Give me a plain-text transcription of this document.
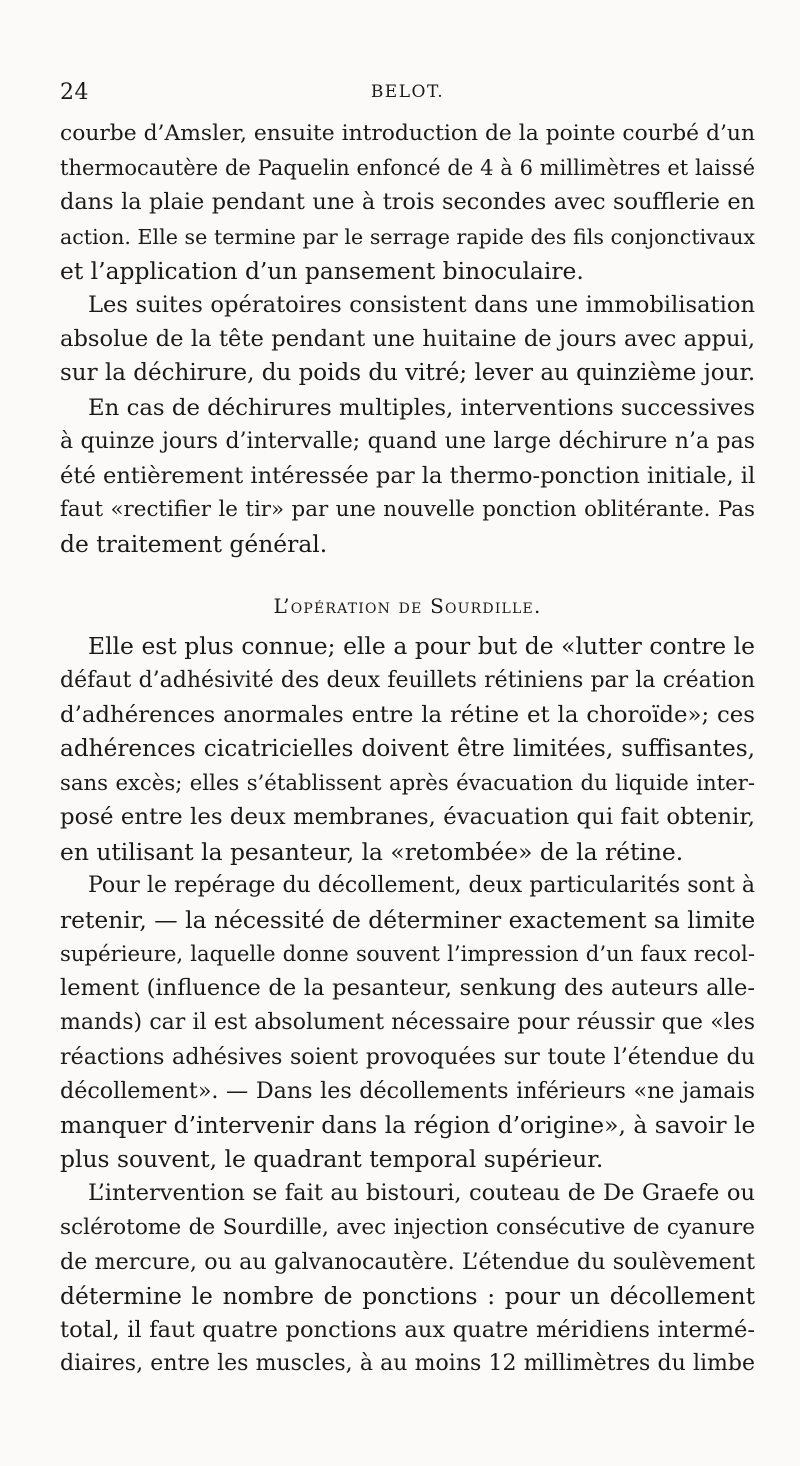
24	BELOT.
courbe d’Amsler, ensuite introduction de la pointe courbé d’un
thermocautère de Paquelin enfoncé de 4 à 6 millimètres et laissé
dans la plaie pendant une à trois secondes avec soufflerie en
action. Elle se termine par le serrage rapide des fils conjonctivaux
et l’application d’un pansement binoculaire.
Les suites opératoires consistent dans une immobilisation
absolue de la tête pendant une huitaine de jours avec appui,
sur la déchirure, du poids du vitré; lever au quinzième jour.
En cas de déchirures multiples, interventions successives
à quinze jours d’intervalle; quand une large déchirure n’a pas
été entièrement intéressée par la thermo-ponction initiale, il
faut «rectifier le tir» par une nouvelle ponction oblitérante. Pas
de traitement général.
L’opération de Sourdille.
Elle est plus connue; elle a pour but de «lutter contre le
défaut d’adhésivité des deux feuillets rétiniens par la création
d’adhérences anormales entre la rétine et la choroïde»; ces
adhérences cicatricielles doivent être limitées, suffisantes,
sans excès; elles s’établissent après évacuation du liquide inter-
posé entre les deux membranes, évacuation qui fait obtenir,
en utilisant la pesanteur, la «retombée» de la rétine.
Pour le repérage du décollement, deux particularités sont à
retenir, — la nécessité de déterminer exactement sa limite
supérieure, laquelle donne souvent l’impression d’un faux recol-
lement (influence de la pesanteur, senkung des auteurs alle-
mands) car il est absolument nécessaire pour réussir que «les
réactions adhésives soient provoquées sur toute l’étendue du
décollement». — Dans les décollements inférieurs «ne jamais
manquer d’intervenir dans la région d’origine», à savoir le
plus souvent, le quadrant temporal supérieur.
L’intervention se fait au bistouri, couteau de De Graefe ou
sclérotome de Sourdille, avec injection consécutive de cyanure
de mercure, ou au galvanocautère. L’étendue du soulèvement
détermine le nombre de ponctions : pour un décollement
total, il faut quatre ponctions aux quatre méridiens intermé-
diaires, entre les muscles, à au moins 12 millimètres du limbe
